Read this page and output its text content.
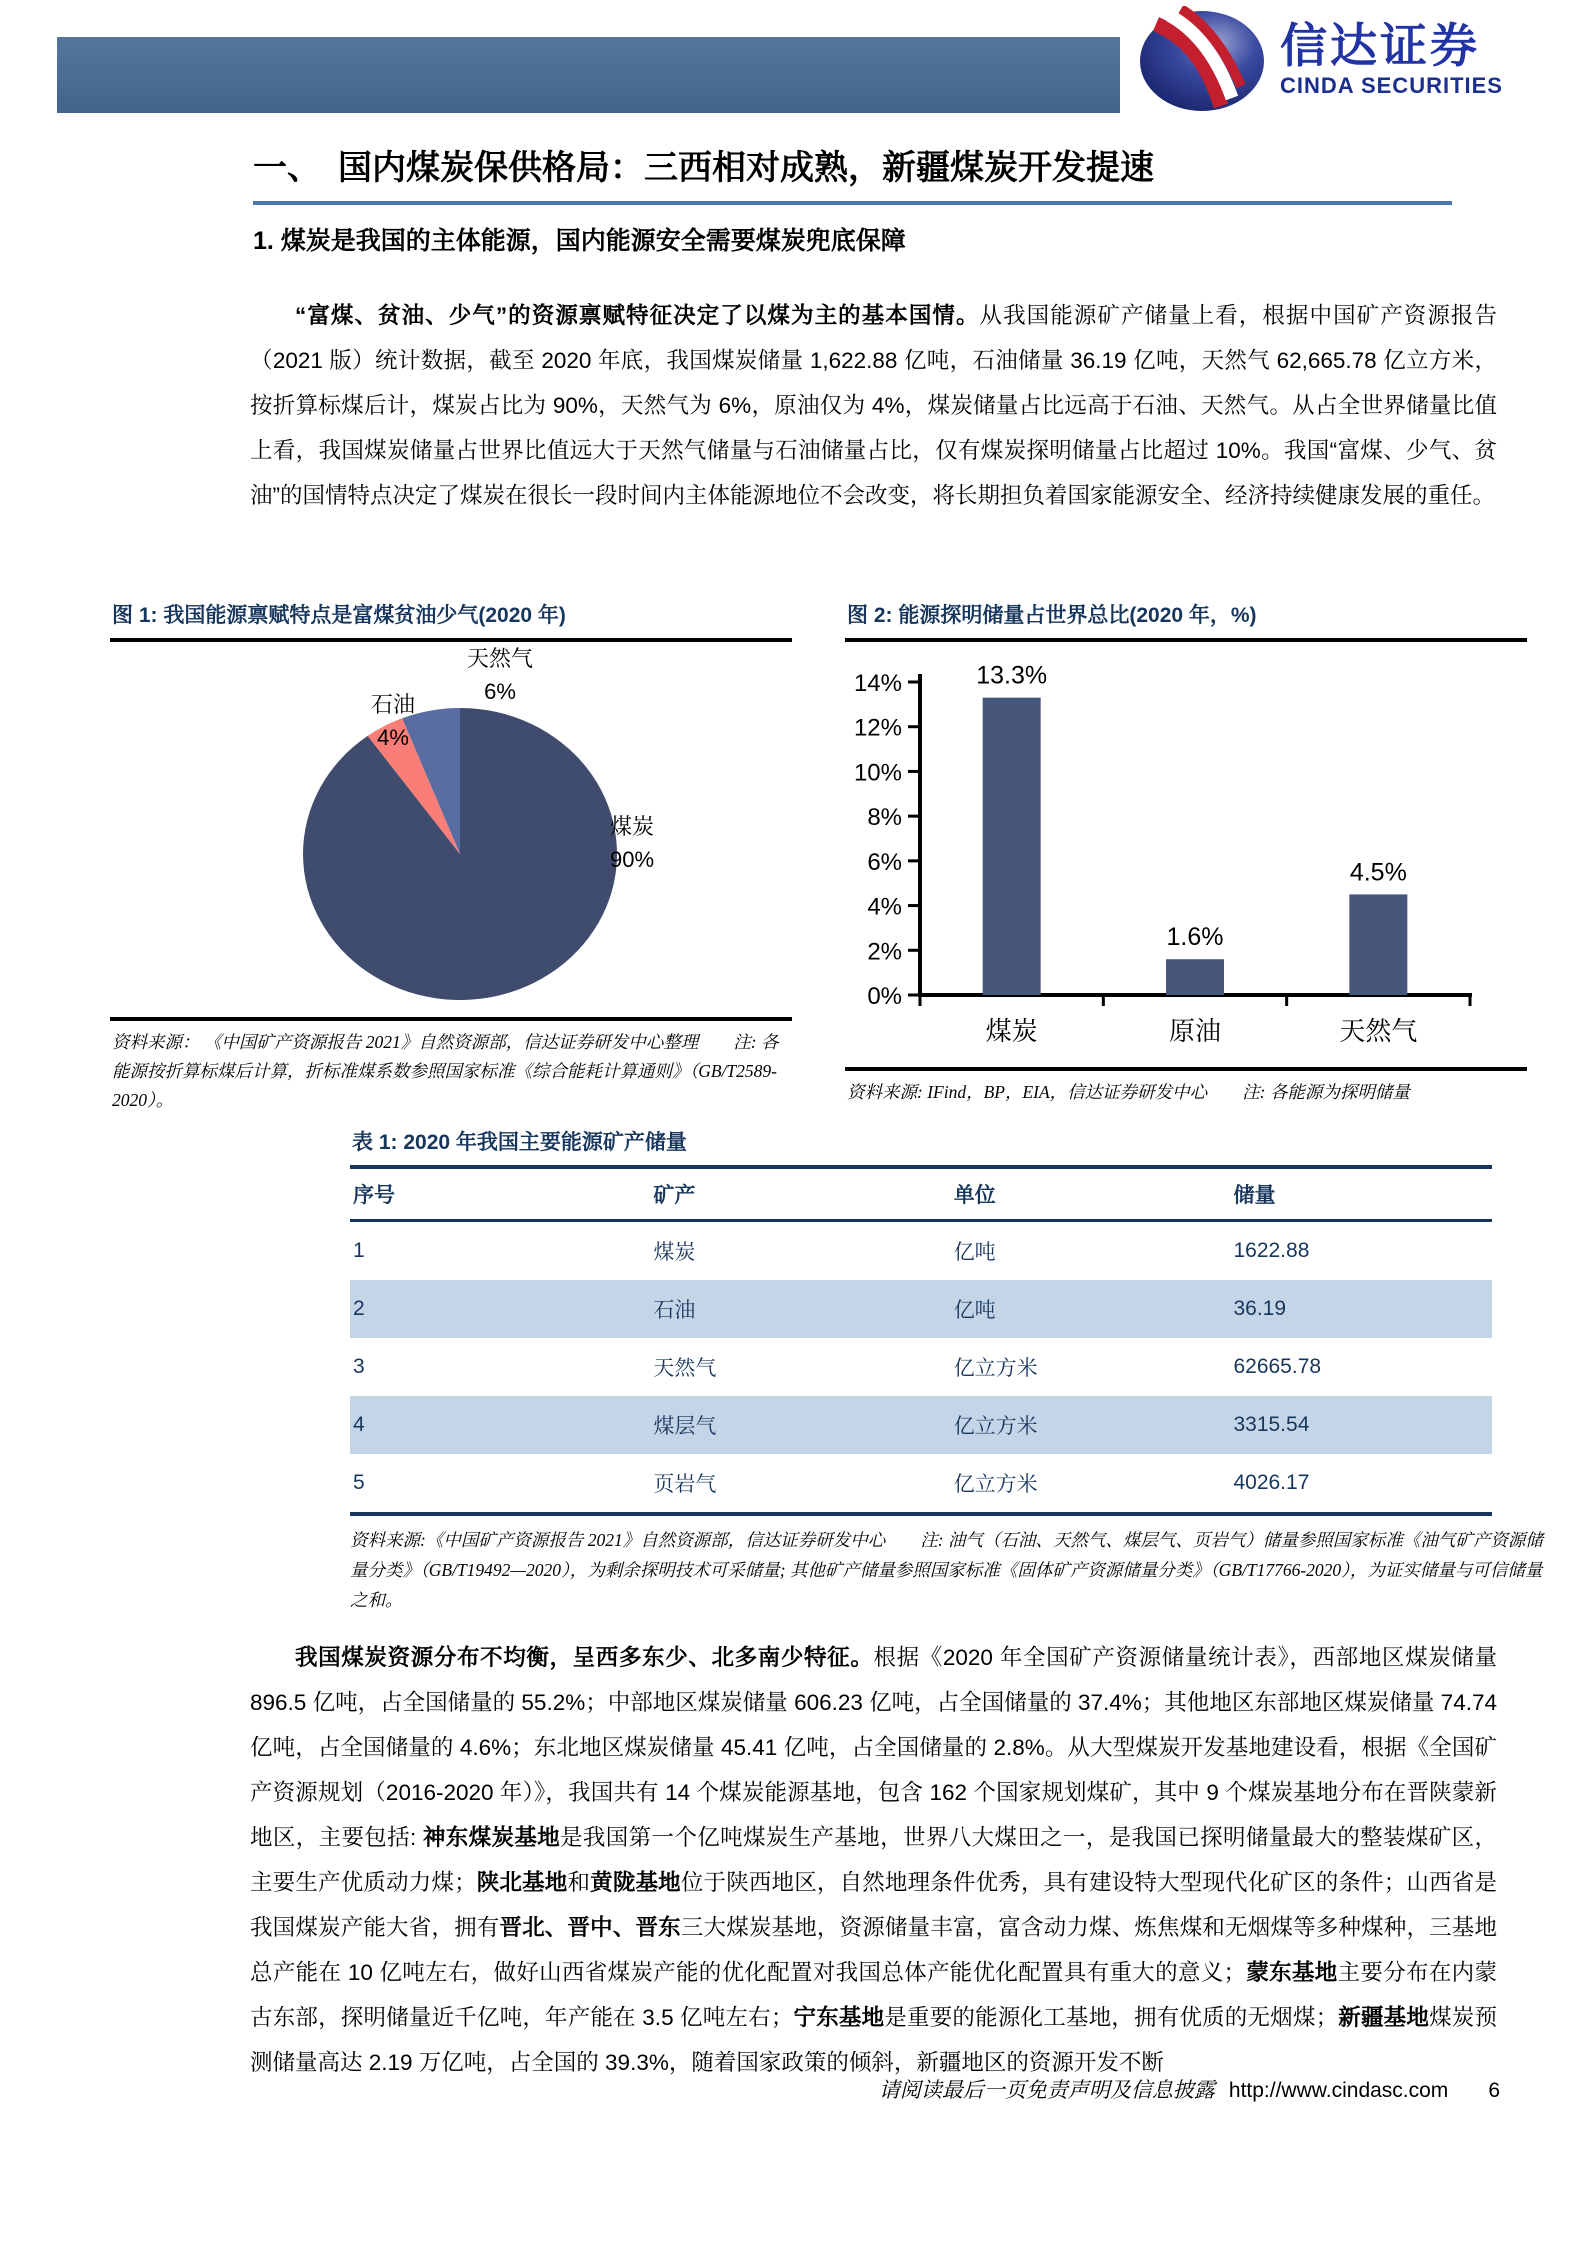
信达证券
CINDA SECURITIES
一、　国内煤炭保供格局：三西相对成熟，新疆煤炭开发提速
1. 煤炭是我国的主体能源，国内能源安全需要煤炭兜底保障

“富煤、贫油、少气”的资源禀赋特征决定了以煤为主的基本国情。从我国能源矿产储量上看，根据中国矿产资源报告（2021 版）统计数据，截至 2020 年底，我国煤炭储量 1,622.88 亿吨，石油储量 36.19 亿吨，天然气 62,665.78 亿立方米，按折算标煤后计，煤炭占比为 90%，天然气为 6%，原油仅为 4%，煤炭储量占比远高于石油、天然气。从占全世界储量比值上看，我国煤炭储量占世界比值远大于天然气储量与石油储量占比，仅有煤炭探明储量占比超过 10%。我国“富煤、少气、贫油”的国情特点决定了煤炭在很长一段时间内主体能源地位不会改变，将长期担负着国家能源安全、经济持续健康发展的重任。

图 1: 我国能源禀赋特点是富煤贫油少气(2020 年)
天然气
6%
石油
4%
煤炭
90%
资料来源： 《中国矿产资源报告 2021》自然资源部，信达证券研发中心整理　　注: 各能源按折算标煤后计算，折标准煤系数参照国家标准《综合能耗计算通则》（GB/T2589-2020）。
图 2: 能源探明储量占世界总比(2020 年，%)
0%
2%
4%
6%
8%
10%
12%
14%	13.3%
煤炭
1.6%
原油
4.5%
天然气
资料来源: IFind，BP，EIA，信达证券研发中心　　注: 各能源为探明储量
表 1: 2020 年我国主要能源矿产储量
序号	矿产	单位	储量
1	煤炭	亿吨	1622.88
2	石油	亿吨	36.19
3	天然气	亿立方米	62665.78
4	煤层气	亿立方米	3315.54
5	页岩气	亿立方米	4026.17
资料来源:《中国矿产资源报告 2021》自然资源部，信达证券研发中心　　注: 油气（石油、天然气、煤层气、页岩气）储量参照国家标准《油气矿产资源储量分类》（GB/T19492—2020），为剩余探明技术可采储量; 其他矿产储量参照国家标准《固体矿产资源储量分类》（GB/T17766-2020），为证实储量与可信储量之和。

我国煤炭资源分布不均衡，呈西多东少、北多南少特征。根据《2020 年全国矿产资源储量统计表》，西部地区煤炭储量 896.5 亿吨，占全国储量的 55.2%；中部地区煤炭储量 606.23 亿吨，占全国储量的 37.4%；其他地区东部地区煤炭储量 74.74 亿吨，占全国储量的 4.6%；东北地区煤炭储量 45.41 亿吨，占全国储量的 2.8%。从大型煤炭开发基地建设看，根据《全国矿产资源规划（2016-2020 年）》，我国共有 14 个煤炭能源基地，包含 162 个国家规划煤矿，其中 9 个煤炭基地分布在晋陕蒙新地区，主要包括: 神东煤炭基地是我国第一个亿吨煤炭生产基地，世界八大煤田之一，是我国已探明储量最大的整装煤矿区，主要生产优质动力煤；陕北基地和黄陇基地位于陕西地区，自然地理条件优秀，具有建设特大型现代化矿区的条件；山西省是我国煤炭产能大省，拥有晋北、晋中、晋东三大煤炭基地，资源储量丰富，富含动力煤、炼焦煤和无烟煤等多种煤种，三基地总产能在 10 亿吨左右，做好山西省煤炭产能的优化配置对我国总体产能优化配置具有重大的意义；蒙东基地主要分布在内蒙古东部，探明储量近千亿吨，年产能在 3.5 亿吨左右；宁东基地是重要的能源化工基地，拥有优质的无烟煤；新疆基地煤炭预测储量高达 2.19 万亿吨，占全国的 39.3%，随着国家政策的倾斜，新疆地区的资源开发不断

请阅读最后一页免责声明及信息披露 http://www.cindasc.com 6
